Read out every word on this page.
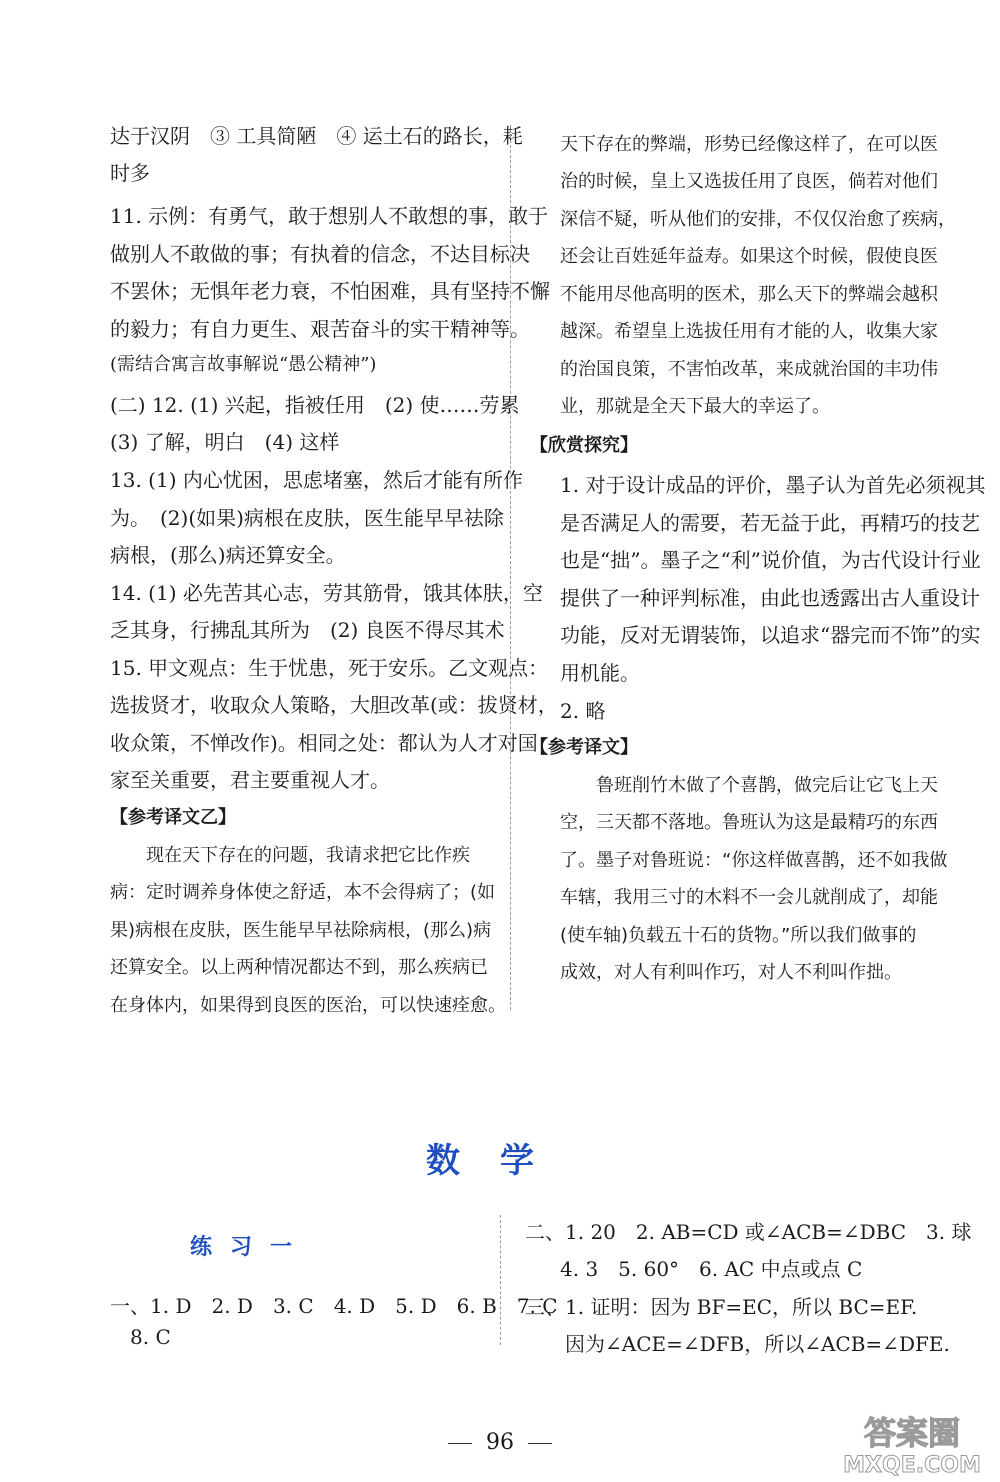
达于汉阴　③ 工具简陋　④ 运土石的路长，耗
时多
11. 示例：有勇气，敢于想别人不敢想的事，敢于
做别人不敢做的事；有执着的信念，不达目标决
不罢休；无惧年老力衰，不怕困难，具有坚持不懈
的毅力；有自力更生、艰苦奋斗的实干精神等。
(需结合寓言故事解说“愚公精神”)
(二) 12. (1) 兴起，指被任用　(2) 使……劳累
(3) 了解，明白　(4) 这样
13. (1) 内心忧困，思虑堵塞，然后才能有所作
为。　(2)(如果)病根在皮肤，医生能早早祛除
病根，(那么)病还算安全。
14. (1) 必先苦其心志，劳其筋骨，饿其体肤，空
乏其身，行拂乱其所为　(2) 良医不得尽其术
15. 甲文观点：生于忧患，死于安乐。乙文观点：
选拔贤才，收取众人策略，大胆改革(或：拔贤材，
收众策，不惮改作)。相同之处：都认为人才对国
家至关重要，君主要重视人才。
【参考译文乙】
　　现在天下存在的问题，我请求把它比作疾
病：定时调养身体使之舒适，本不会得病了；(如
果)病根在皮肤，医生能早早祛除病根，(那么)病
还算安全。以上两种情况都达不到，那么疾病已
在身体内，如果得到良医的医治，可以快速痊愈。
天下存在的弊端，形势已经像这样了，在可以医
治的时候，皇上又选拔任用了良医，倘若对他们
深信不疑，听从他们的安排，不仅仅治愈了疾病，
还会让百姓延年益寿。如果这个时候，假使良医
不能用尽他高明的医术，那么天下的弊端会越积
越深。希望皇上选拔任用有才能的人，收集大家
的治国良策，不害怕改革，来成就治国的丰功伟
业，那就是全天下最大的幸运了。
【欣赏探究】
　1. 对于设计成品的评价，墨子认为首先必须视其
是否满足人的需要，若无益于此，再精巧的技艺
也是“拙”。墨子之“利”说价值，为古代设计行业
提供了一种评判标准，由此也透露出古人重设计
功能，反对无谓装饰，以追求“器完而不饰”的实
用机能。
　2. 略
【参考译文】
　　鲁班削竹木做了个喜鹊，做完后让它飞上天
空，三天都不落地。鲁班认为这是最精巧的东西
了。墨子对鲁班说：“你这样做喜鹊，还不如我做
车辖，我用三寸的木料不一会儿就削成了，却能
(使车轴)负载五十石的货物。”所以我们做事的
成效，对人有利叫作巧，对人不利叫作拙。
数学
练习一
一、1. D　2. D　3. C　4. D　5. D　6. B　7. C
8. C
二、1. 20　2. AB=CD 或∠ACB=∠DBC　3. 球
4. 3　5. 60°　6. AC 中点或点 C
三、1. 证明：因为 BF=EC，所以 BC=EF.
因为∠ACE=∠DFB，所以∠ACB=∠DFE.
96	答案圈
MXQE.COM
